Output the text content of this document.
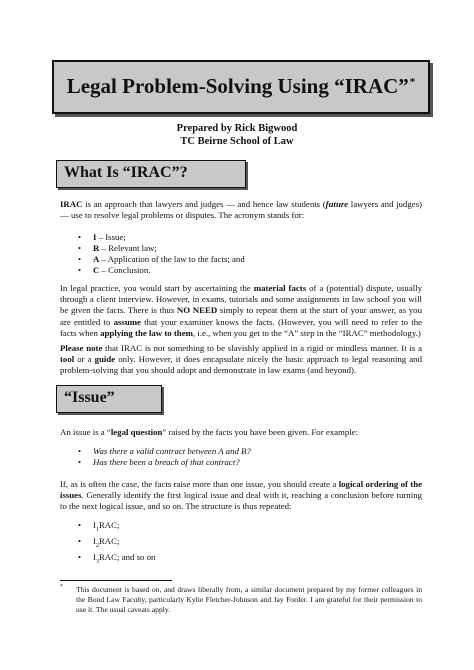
Legal Problem-Solving Using “IRAC”*
Prepared by Rick Bigwood
TC Beirne School of Law
What Is “IRAC”?
IRAC is an approach that lawyers and judges — and hence law students (future lawyers and judges) — use to resolve legal problems or disputes. The acronym stands for:
• I – Issue;
• R – Relevant law;
• A – Application of the law to the facts; and
• C – Conclusion.
In legal practice, you would start by ascertaining the material facts of a (potential) dispute, usually through a client interview. However, in exams, tutorials and some assignments in law school you will be given the facts. There is thus NO NEED simply to repeat them at the start of your answer, as you are entitled to assume that your examiner knows the facts. (However, you will need to refer to the facts when applying the law to them, i.e., when you get to the “A” step in the “IRAC” methodology.)
Please note that IRAC is not something to be slavishly applied in a rigid or mindless manner. It is a tool or a guide only. However, it does encapsulate nicely the basic approach to legal reasoning and problem-solving that you should adopt and demonstrate in law exams (and beyond).
“Issue”
An issue is a “legal question” raised by the facts you have been given. For example:
• Was there a valid contract between A and B?
• Has there been a breach of that contract?
If, as is often the case, the facts raise more than one issue, you should create a logical ordering of the issues. Generally identify the first logical issue and deal with it, reaching a conclusion before turning to the next logical issue, and so on. The structure is thus repeated:
• $I_1RAC$;
• $I_2RAC$;
• $I_3RAC$; and so on
* This document is based on, and draws liberally from, a similar document prepared by my former colleagues in the Bond Law Faculty, particularly Kylie Fletcher-Johnson and Jay Forder. I am grateful for their permission to use it. The usual caveats apply.
